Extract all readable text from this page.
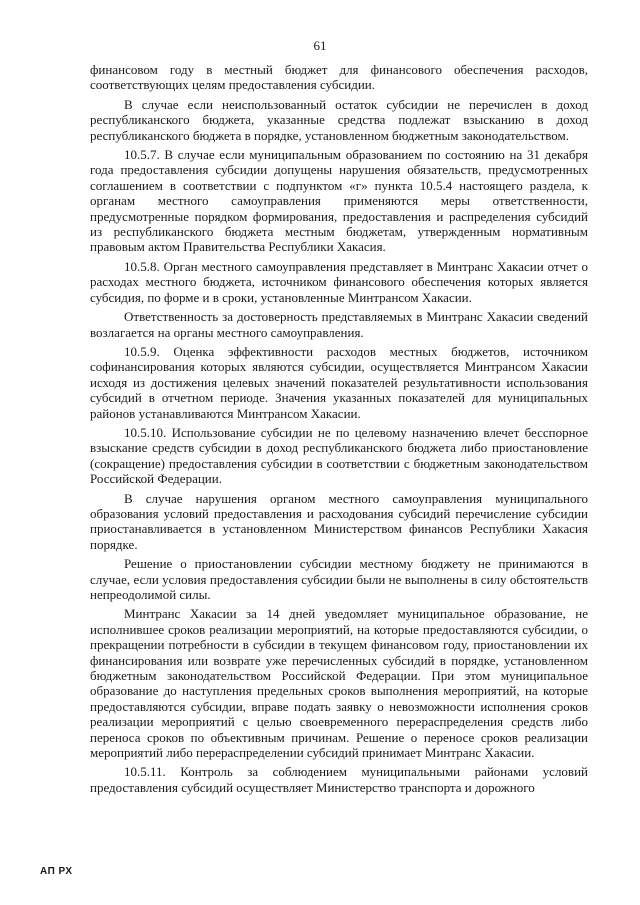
61

финансовом году в местный бюджет для финансового обеспечения расходов, соответствующих целям предоставления субсидии.

В случае если неиспользованный остаток субсидии не перечислен в доход республиканского бюджета, указанные средства подлежат взысканию в доход республиканского бюджета в порядке, установленном бюджетным законодательством.

10.5.7. В случае если муниципальным образованием по состоянию на 31 декабря года предоставления субсидии допущены нарушения обязательств, предусмотренных соглашением в соответствии с подпунктом «г» пункта 10.5.4 настоящего раздела, к органам местного самоуправления применяются меры ответственности, предусмотренные порядком формирования, предоставления и распределения субсидий из республиканского бюджета местным бюджетам, утвержденным нормативным правовым актом Правительства Республики Хакасия.

10.5.8. Орган местного самоуправления представляет в Минтранс Хакасии отчет о расходах местного бюджета, источником финансового обеспечения которых является субсидия, по форме и в сроки, установленные Минтрансом Хакасии.

Ответственность за достоверность представляемых в Минтранс Хакасии сведений возлагается на органы местного самоуправления.

10.5.9. Оценка эффективности расходов местных бюджетов, источником софинансирования которых являются субсидии, осуществляется Минтрансом Хакасии исходя из достижения целевых значений показателей результативности использования субсидий в отчетном периоде. Значения указанных показателей для муниципальных районов устанавливаются Минтрансом Хакасии.

10.5.10. Использование субсидии не по целевому назначению влечет бесспорное взыскание средств субсидии в доход республиканского бюджета либо приостановление (сокращение) предоставления субсидии в соответствии с бюджетным законодательством Российской Федерации.

В случае нарушения органом местного самоуправления муниципального образования условий предоставления и расходования субсидий перечисление субсидии приостанавливается в установленном Министерством финансов Республики Хакасия порядке.

Решение о приостановлении субсидии местному бюджету не принимаются в случае, если условия предоставления субсидии были не выполнены в силу обстоятельств непреодолимой силы.

Минтранс Хакасии за 14 дней уведомляет муниципальное образование, не исполнившее сроков реализации мероприятий, на которые предоставляются субсидии, о прекращении потребности в субсидии в текущем финансовом году, приостановлении их финансирования или возврате уже перечисленных субсидий в порядке, установленном бюджетным законодательством Российской Федерации. При этом муниципальное образование до наступления предельных сроков выполнения мероприятий, на которые предоставляются субсидии, вправе подать заявку о невозможности исполнения сроков реализации мероприятий с целью своевременного перераспределения средств либо переноса сроков по объективным причинам. Решение о переносе сроков реализации мероприятий либо перераспределении субсидий принимает Минтранс Хакасии.

10.5.11. Контроль за соблюдением муниципальными районами условий предоставления субсидий осуществляет Министерство транспорта и дорожного

АП РХ
